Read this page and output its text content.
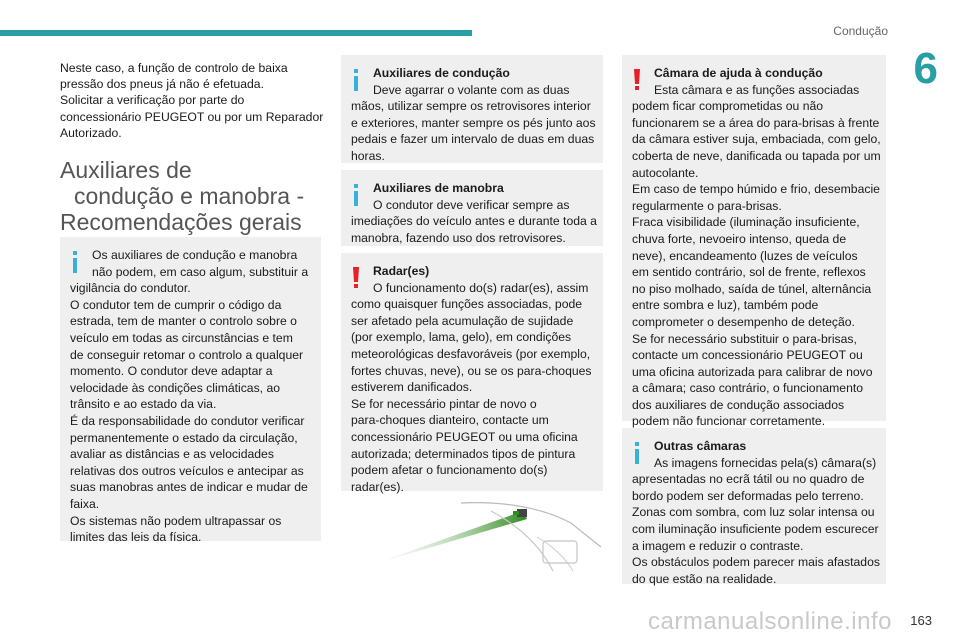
Condução
6
Neste caso, a função de controlo de baixa
pressão dos pneus já não é efetuada.
Solicitar a verificação por parte do
concessionário PEUGEOT ou por um Reparador
Autorizado.
Auxiliares de
condução e manobra -
Recomendações gerais
Os auxiliares de condução e manobra
não podem, em caso algum, substituir a
vigilância do condutor.
O condutor tem de cumprir o código da
estrada, tem de manter o controlo sobre o
veículo em todas as circunstâncias e tem
de conseguir retomar o controlo a qualquer
momento. O condutor deve adaptar a
velocidade às condições climáticas, ao
trânsito e ao estado da via.
É da responsabilidade do condutor verificar
permanentemente o estado da circulação,
avaliar as distâncias e as velocidades
relativas dos outros veículos e antecipar as
suas manobras antes de indicar e mudar de
faixa.
Os sistemas não podem ultrapassar os
limites das leis da física.
Auxiliares de condução
Deve agarrar o volante com as duas
mãos, utilizar sempre os retrovisores interior
e exteriores, manter sempre os pés junto aos
pedais e fazer um intervalo de duas em duas
horas.
Auxiliares de manobra
O condutor deve verificar sempre as
imediações do veículo antes e durante toda a
manobra, fazendo uso dos retrovisores.
Radar(es)
O funcionamento do(s) radar(es), assim
como quaisquer funções associadas, pode
ser afetado pela acumulação de sujidade
(por exemplo, lama, gelo), em condições
meteorológicas desfavoráveis (por exemplo,
fortes chuvas, neve), ou se os para-choques
estiverem danificados.
Se for necessário pintar de novo o
para-choques dianteiro, contacte um
concessionário PEUGEOT ou uma oficina
autorizada; determinados tipos de pintura
podem afetar o funcionamento do(s)
radar(es).
Câmara de ajuda à condução
Esta câmara e as funções associadas
podem ficar comprometidas ou não
funcionarem se a área do para-brisas à frente
da câmara estiver suja, embaciada, com gelo,
coberta de neve, danificada ou tapada por um
autocolante.
Em caso de tempo húmido e frio, desembacie
regularmente o para-brisas.
Fraca visibilidade (iluminação insuficiente,
chuva forte, nevoeiro intenso, queda de
neve), encandeamento (luzes de veículos
em sentido contrário, sol de frente, reflexos
no piso molhado, saída de túnel, alternância
entre sombra e luz), também pode
comprometer o desempenho de deteção.
Se for necessário substituir o para-brisas,
contacte um concessionário PEUGEOT ou
uma oficina autorizada para calibrar de novo
a câmara; caso contrário, o funcionamento
dos auxiliares de condução associados
podem não funcionar corretamente.
Outras câmaras
As imagens fornecidas pela(s) câmara(s)
apresentadas no ecrã tátil ou no quadro de
bordo podem ser deformadas pelo terreno.
Zonas com sombra, com luz solar intensa ou
com iluminação insuficiente podem escurecer
a imagem e reduzir o contraste.
Os obstáculos podem parecer mais afastados
do que estão na realidade.
carmanualsonline.info 163
